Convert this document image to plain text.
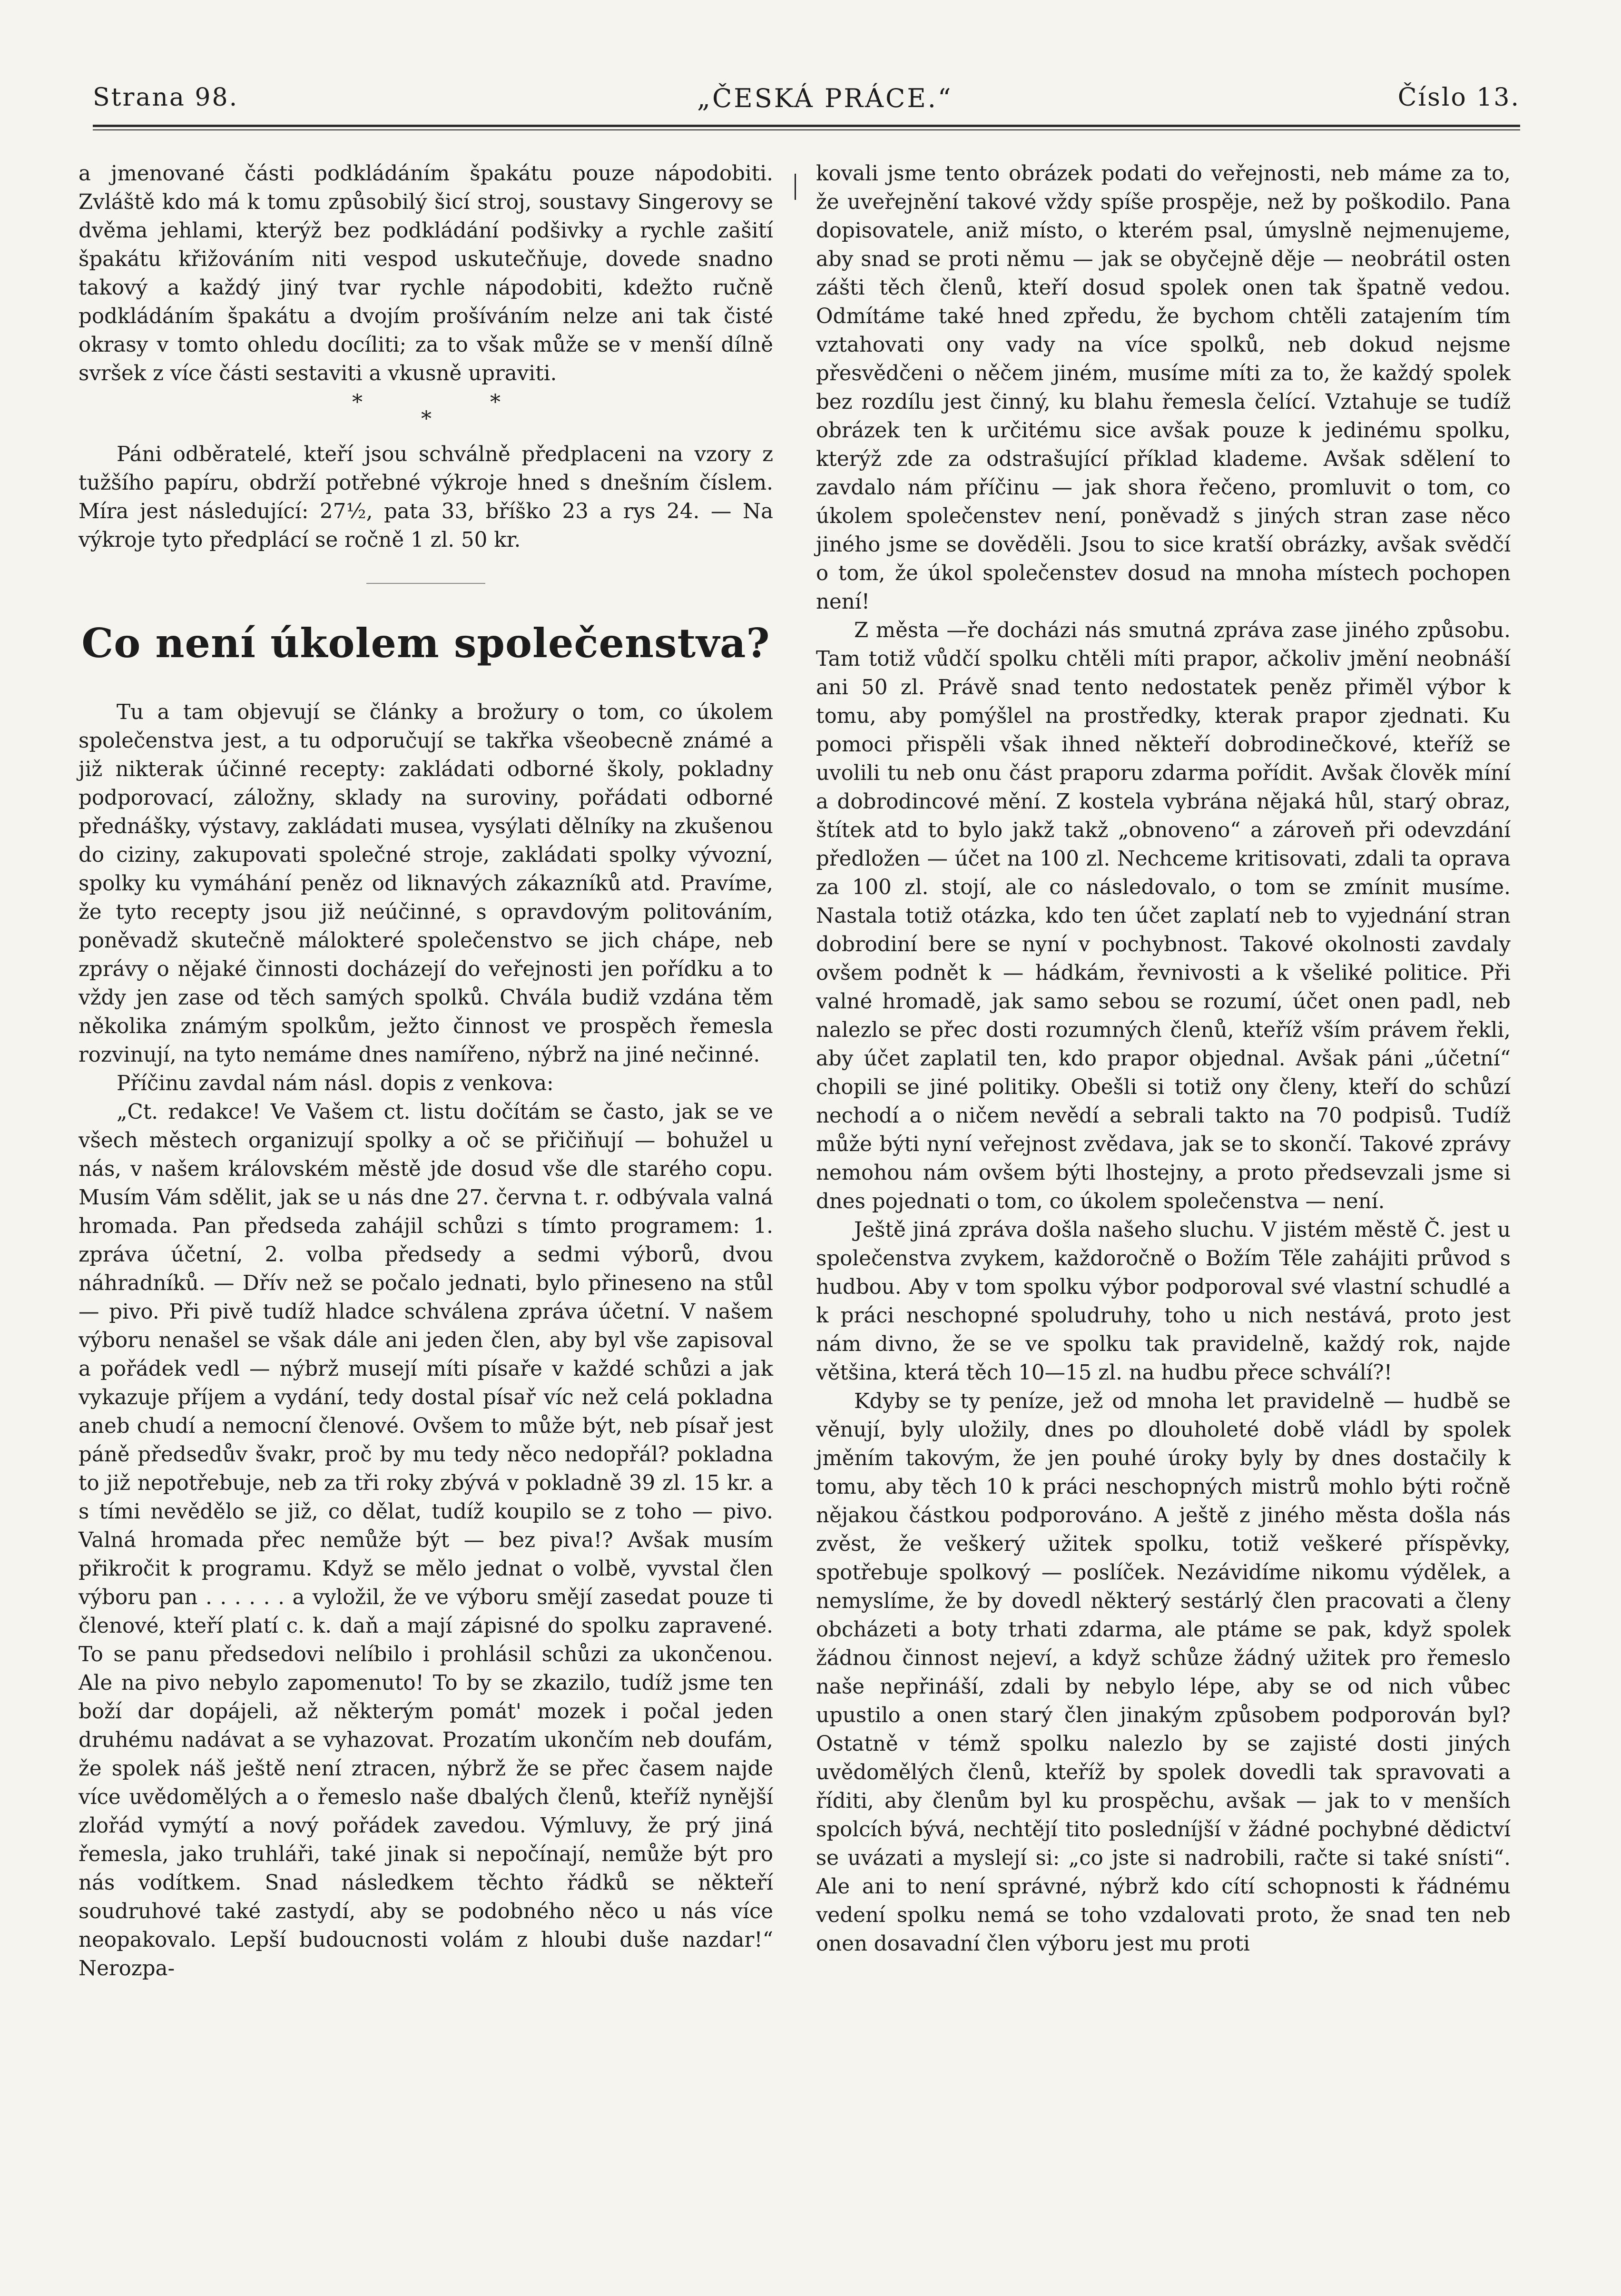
Strana 98.	„ČESKÁ PRÁCE.“	Číslo 13.

a jmenované části podkládáním špakátu pouze nápodobiti. Zvláště kdo má k tomu způsobilý šicí stroj, soustavy Singerovy se dvěma jehlami, kterýž bez podkládání podšivky a rychle zašití špakátu křižováním niti vespod uskutečňuje, dovede snadno takový a každý jiný tvar rychle nápodobiti, kdežto ručně podkládáním špakátu a dvojím prošíváním nelze ani tak čisté okrasy v tomto ohledu docíliti; za to však může se v menší dílně svršek z více části sestaviti a vkusně upraviti.

*	*
*

Páni odběratelé, kteří jsou schválně předplaceni na vzory z tužšího papíru, obdrží potřebné výkroje hned s dnešním číslem. Míra jest následující: 27½, pata 33, bříško 23 a rys 24. — Na výkroje tyto předplácí se ročně 1 zl. 50 kr.

Co není úkolem společenstva?

Tu a tam objevují se články a brožury o tom, co úkolem společenstva jest, a tu odporučují se takřka všeobecně známé a již nikterak účinné recepty: zakládati odborné školy, pokladny podporovací, záložny, sklady na suroviny, pořádati odborné přednášky, výstavy, zakládati musea, vysýlati dělníky na zkušenou do ciziny, zakupovati společné stroje, zakládati spolky vývozní, spolky ku vymáhání peněz od liknavých zákazníků atd. Pravíme, že tyto recepty jsou již neúčinné, s opravdovým politováním, poněvadž skutečně málokteré společenstvo se jich chápe, neb zprávy o nějaké činnosti docházejí do veřejnosti jen pořídku a to vždy jen zase od těch samých spolků. Chvála budiž vzdána těm několika známým spolkům, ježto činnost ve prospěch řemesla rozvinují, na tyto nemáme dnes namířeno, nýbrž na jiné nečinné.

Příčinu zavdal nám násl. dopis z venkova:

„Ct. redakce! Ve Vašem ct. listu dočítám se často, jak se ve všech městech organizují spolky a oč se přičiňují — bohužel u nás, v našem královském městě jde dosud vše dle starého copu. Musím Vám sdělit, jak se u nás dne 27. června t. r. odbývala valná hromada. Pan předseda zahájil schůzi s tímto programem: 1. zpráva účetní, 2. volba předsedy a sedmi výborů, dvou náhradníků. — Dřív než se počalo jednati, bylo přineseno na stůl — pivo. Při pivě tudíž hladce schválena zpráva účetní. V našem výboru nenašel se však dále ani jeden člen, aby byl vše zapisoval a pořádek vedl — nýbrž musejí míti písaře v každé schůzi a jak vykazuje příjem a vydání, tedy dostal písař víc než celá pokladna aneb chudí a nemocní členové. Ovšem to může být, neb písař jest páně předsedův švakr, proč by mu tedy něco nedopřál? pokladna to již nepotřebuje, neb za tři roky zbývá v pokladně 39 zl. 15 kr. a s tími nevědělo se již, co dělat, tudíž koupilo se z toho — pivo. Valná hromada přec nemůže být — bez piva!? Avšak musím přikročit k programu. Když se mělo jednat o volbě, vyvstal člen výboru pan . . . . . . a vyložil, že ve výboru smějí zasedat pouze ti členové, kteří platí c. k. daň a mají zápisné do spolku zapravené. To se panu předsedovi nelíbilo i prohlásil schůzi za ukončenou. Ale na pivo nebylo zapomenuto! To by se zkazilo, tudíž jsme ten boží dar dopájeli, až některým pomát' mozek i počal jeden druhému nadávat a se vyhazovat. Prozatím ukončím neb doufám, že spolek náš ještě není ztracen, nýbrž že se přec časem najde více uvědomělých a o řemeslo naše dbalých členů, kteříž nynější zlořád vymýtí a nový pořádek zavedou. Výmluvy, že prý jiná řemesla, jako truhláři, také jinak si nepočínají, nemůže být pro nás vodítkem. Snad následkem těchto řádků se někteří soudruhové také zastydí, aby se podobného něco u nás více neopakovalo. Lepší budoucnosti volám z hloubi duše nazdar!“ Nerozpa-

kovali jsme tento obrázek podati do veřejnosti, neb máme za to, že uveřejnění takové vždy spíše prospěje, než by poškodilo. Pana dopisovatele, aniž místo, o kterém psal, úmyslně nejmenujeme, aby snad se proti němu — jak se obyčejně děje — neobrátil osten zášti těch členů, kteří dosud spolek onen tak špatně vedou. Odmítáme také hned zpředu, že bychom chtěli zatajením tím vztahovati ony vady na více spolků, neb dokud nejsme přesvědčeni o něčem jiném, musíme míti za to, že každý spolek bez rozdílu jest činný, ku blahu řemesla čelící. Vztahuje se tudíž obrázek ten k určitému sice avšak pouze k jedinému spolku, kterýž zde za odstrašující příklad klademe. Avšak sdělení to zavdalo nám příčinu — jak shora řečeno, promluvit o tom, co úkolem společenstev není, poněvadž s jiných stran zase něco jiného jsme se dověděli. Jsou to sice kratší obrázky, avšak svědčí o tom, že úkol společenstev dosud na mnoha místech pochopen není!

Z města —ře docházi nás smutná zpráva zase jiného způsobu. Tam totiž vůdčí spolku chtěli míti prapor, ačkoliv jmění neobnáší ani 50 zl. Právě snad tento nedostatek peněz přiměl výbor k tomu, aby pomýšlel na prostředky, kterak prapor zjednati. Ku pomoci přispěli však ihned někteří dobrodinečkové, kteříž se uvolili tu neb onu část praporu zdarma pořídit. Avšak člověk míní a dobrodincové mění. Z kostela vybrána nějaká hůl, starý obraz, štítek atd to bylo jakž takž „obnoveno“ a zároveň při odevzdání předložen — účet na 100 zl. Nechceme kritisovati, zdali ta oprava za 100 zl. stojí, ale co následovalo, o tom se zmínit musíme. Nastala totiž otázka, kdo ten účet zaplatí neb to vyjednání stran dobrodiní bere se nyní v pochybnost. Takové okolnosti zavdaly ovšem podnět k — hádkám, řevnivosti a k všeliké politice. Při valné hromadě, jak samo sebou se rozumí, účet onen padl, neb nalezlo se přec dosti rozumných členů, kteříž vším právem řekli, aby účet zaplatil ten, kdo prapor objednal. Avšak páni „účetní“ chopili se jiné politiky. Obešli si totiž ony členy, kteří do schůzí nechodí a o ničem nevědí a sebrali takto na 70 podpisů. Tudíž může býti nyní veřejnost zvědava, jak se to skončí. Takové zprávy nemohou nám ovšem býti lhostejny, a proto předsevzali jsme si dnes pojednati o tom, co úkolem společenstva — není.

Ještě jiná zpráva došla našeho sluchu. V jistém městě Č. jest u společenstva zvykem, každoročně o Božím Těle zahájiti průvod s hudbou. Aby v tom spolku výbor podporoval své vlastní schudlé a k práci neschopné spoludruhy, toho u nich nestává, proto jest nám divno, že se ve spolku tak pravidelně, každý rok, najde většina, která těch 10—15 zl. na hudbu přece schválí?!

Kdyby se ty peníze, jež od mnoha let pravidelně — hudbě se věnují, byly uložily, dnes po dlouholeté době vládl by spolek jměním takovým, že jen pouhé úroky byly by dnes dostačily k tomu, aby těch 10 k práci neschopných mistrů mohlo býti ročně nějakou částkou podporováno. A ještě z jiného města došla nás zvěst, že veškerý užitek spolku, totiž veškeré příspěvky, spotřebuje spolkový — poslíček. Nezávidíme nikomu výdělek, a nemyslíme, že by dovedl některý sestárlý člen pracovati a členy obcházeti a boty trhati zdarma, ale ptáme se pak, když spolek žádnou činnost nejeví, a když schůze žádný užitek pro řemeslo naše nepřináší, zdali by nebylo lépe, aby se od nich vůbec upustilo a onen starý člen jinakým způsobem podporován byl? Ostatně v témž spolku nalezlo by se zajisté dosti jiných uvědomělých členů, kteříž by spolek dovedli tak spravovati a říditi, aby členům byl ku prospěchu, avšak — jak to v menších spolcích bývá, nechtějí tito posledníjší v žádné pochybné dědictví se uvázati a myslejí si: „co jste si nadrobili, račte si také snísti“. Ale ani to není správné, nýbrž kdo cítí schopnosti k řádnému vedení spolku nemá se toho vzdalovati proto, že snad ten neb onen dosavadní člen výboru jest mu proti
